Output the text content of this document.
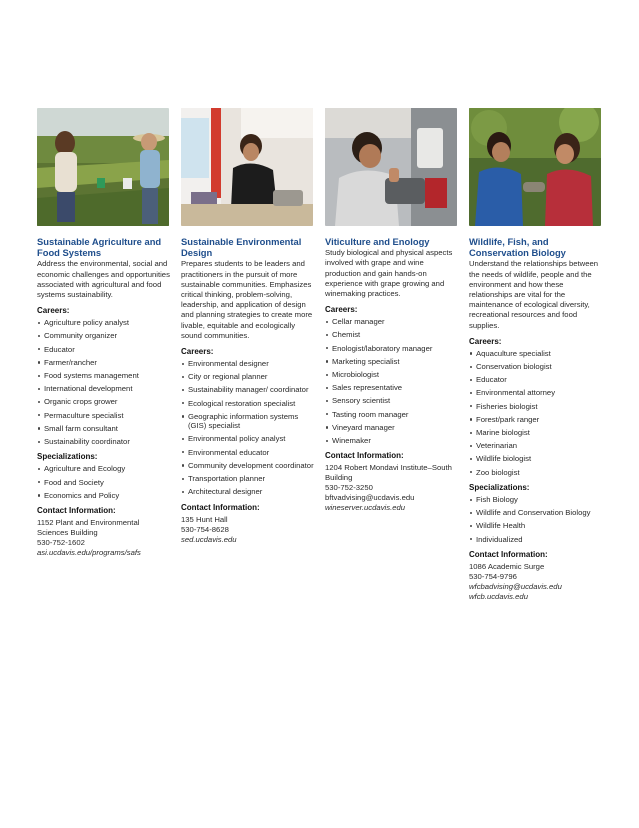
Sustainable Agriculture and Food Systems

Address the environmental, social and economic challenges and opportunities associated with agricultural and food systems sustainability.

Careers:
Agriculture policy analyst
Community organizer
Educator
Farmer/rancher
Food systems management
International development
Organic crops grower
Permaculture specialist
Small farm consultant
Sustainability coordinator
Specializations:
Agriculture and Ecology
Food and Society
Economics and Policy
Contact Information:
1152 Plant and Environmental Sciences Building
530-752-1602
asi.ucdavis.edu/programs/safs
Sustainable Environmental Design

Prepares students to be leaders and practitioners in the pursuit of more sustainable communities. Emphasizes critical thinking, problem-solving, leadership, and application of design and planning strategies to create more livable, equitable and ecologically sound communities.

Careers:
Environmental designer
City or regional planner
Sustainability manager/ coordinator
Ecological restoration specialist
Geographic information systems (GIS) specialist
Environmental policy analyst
Environmental educator
Community development coordinator
Transportation planner
Architectural designer
Contact Information:
135 Hunt Hall
530-754-8628
sed.ucdavis.edu
Viticulture and Enology

Study biological and physical aspects involved with grape and wine production and gain hands-on experience with grape growing and winemaking practices.

Careers:
Cellar manager
Chemist
Enologist/laboratory manager
Marketing specialist
Microbiologist
Sales representative
Sensory scientist
Tasting room manager
Vineyard manager
Winemaker
Contact Information:
1204 Robert Mondavi Institute–South Building
530-752-3250
bftvadvising@ucdavis.edu
wineserver.ucdavis.edu
Wildlife, Fish, and Conservation Biology

Understand the relationships between the needs of wildlife, people and the environment and how these relationships are vital for the maintenance of ecological diversity, recreational resources and food supplies.

Careers:
Aquaculture specialist
Conservation biologist
Educator
Environmental attorney
Fisheries biologist
Forest/park ranger
Marine biologist
Veterinarian
Wildlife biologist
Zoo biologist
Specializations:
Fish Biology
Wildlife and Conservation Biology
Wildlife Health
Individualized
Contact Information:
1086 Academic Surge
530-754-9796
wfcbadvising@ucdavis.edu
wfcb.ucdavis.edu
